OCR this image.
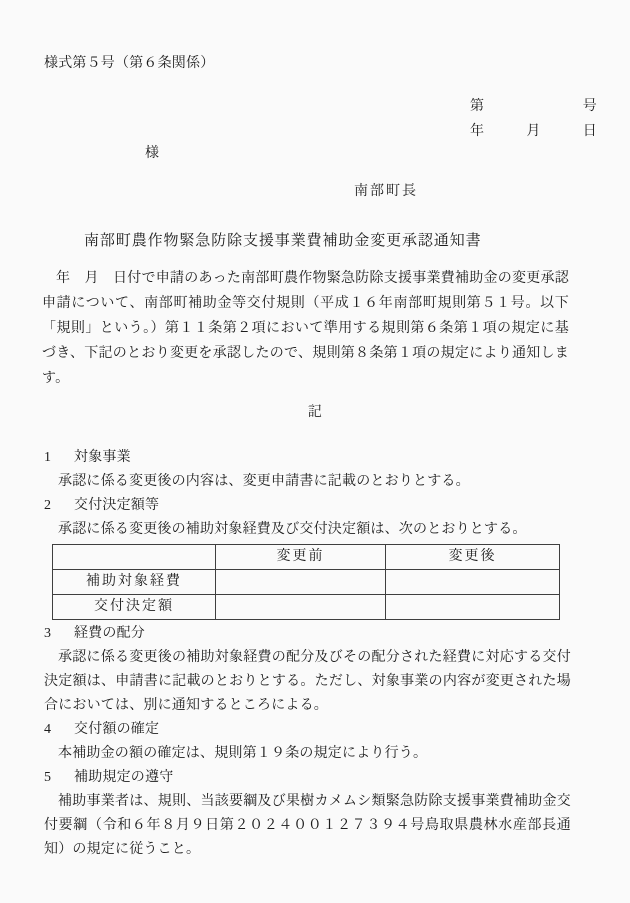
様式第５号（第６条関係）
第	号
年	月	日
様
南部町長
南部町農作物緊急防除支援事業費補助金変更承認通知書

年　月　日付で申請のあった南部町農作物緊急防除支援事業費補助金の変更承認申請について、南部町補助金等交付規則（平成１６年南部町規則第５１号。以下「規則」という。）第１１条第２項において準用する規則第６条第１項の規定に基づき、下記のとおり変更を承認したので、規則第８条第１項の規定により通知します。

記
1 対象事業

承認に係る変更後の内容は、変更申請書に記載のとおりとする。

2 交付決定額等

承認に係る変更後の補助対象経費及び交付決定額は、次のとおりとする。

	変更前	変更後
補助対象経費		
交付決定額		
3 経費の配分

承認に係る変更後の補助対象経費の配分及びその配分された経費に対応する交付決定額は、申請書に記載のとおりとする。ただし、対象事業の内容が変更された場合においては、別に通知するところによる。

4 交付額の確定

本補助金の額の確定は、規則第１９条の規定により行う。

5 補助規定の遵守

補助事業者は、規則、当該要綱及び果樹カメムシ類緊急防除支援事業費補助金交付要綱（令和６年８月９日第２０２４００１２７３９４号鳥取県農林水産部長通知）の規定に従うこと。
